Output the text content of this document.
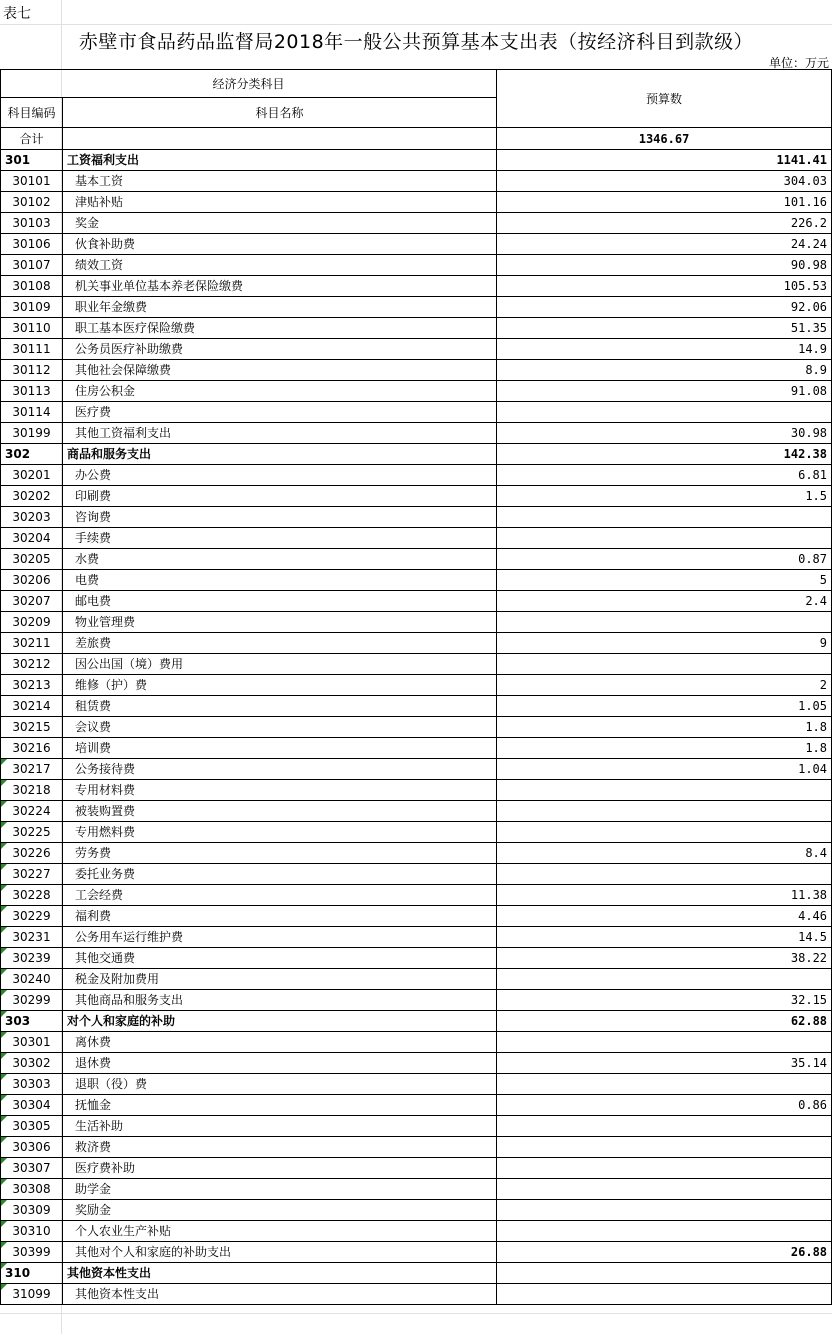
表七
赤壁市食品药品监督局2018年一般公共预算基本支出表（按经济科目到款级）
单位：万元
经济分类科目		预算数
科目编码	科目名称	
合计		1346.67
301	工资福利支出	1141.41
30101	基本工资	304.03
30102	津贴补贴	101.16
30103	奖金	226.2
30106	伙食补助费	24.24
30107	绩效工资	90.98
30108	机关事业单位基本养老保险缴费	105.53
30109	职业年金缴费	92.06
30110	职工基本医疗保险缴费	51.35
30111	公务员医疗补助缴费	14.9
30112	其他社会保障缴费	8.9
30113	住房公积金	91.08
30114	医疗费	
30199	其他工资福利支出	30.98
302	商品和服务支出	142.38
30201	办公费	6.81
30202	印刷费	1.5
30203	咨询费	
30204	手续费	
30205	水费	0.87
30206	电费	5
30207	邮电费	2.4
30209	物业管理费	
30211	差旅费	9
30212	因公出国（境）费用	
30213	维修（护）费	2
30214	租赁费	1.05
30215	会议费	1.8
30216	培训费	1.8
30217	公务接待费	1.04
30218	专用材料费	
30224	被装购置费	
30225	专用燃料费	
30226	劳务费	8.4
30227	委托业务费	
30228	工会经费	11.38
30229	福利费	4.46
30231	公务用车运行维护费	14.5
30239	其他交通费	38.22
30240	税金及附加费用	
30299	其他商品和服务支出	32.15
303	对个人和家庭的补助	62.88
30301	离休费	
30302	退休费	35.14
30303	退职（役）费	
30304	抚恤金	0.86
30305	生活补助	
30306	救济费	
30307	医疗费补助	
30308	助学金	
30309	奖励金	
30310	个人农业生产补贴	
30399	其他对个人和家庭的补助支出	26.88
310	其他资本性支出	
31099	其他资本性支出	
